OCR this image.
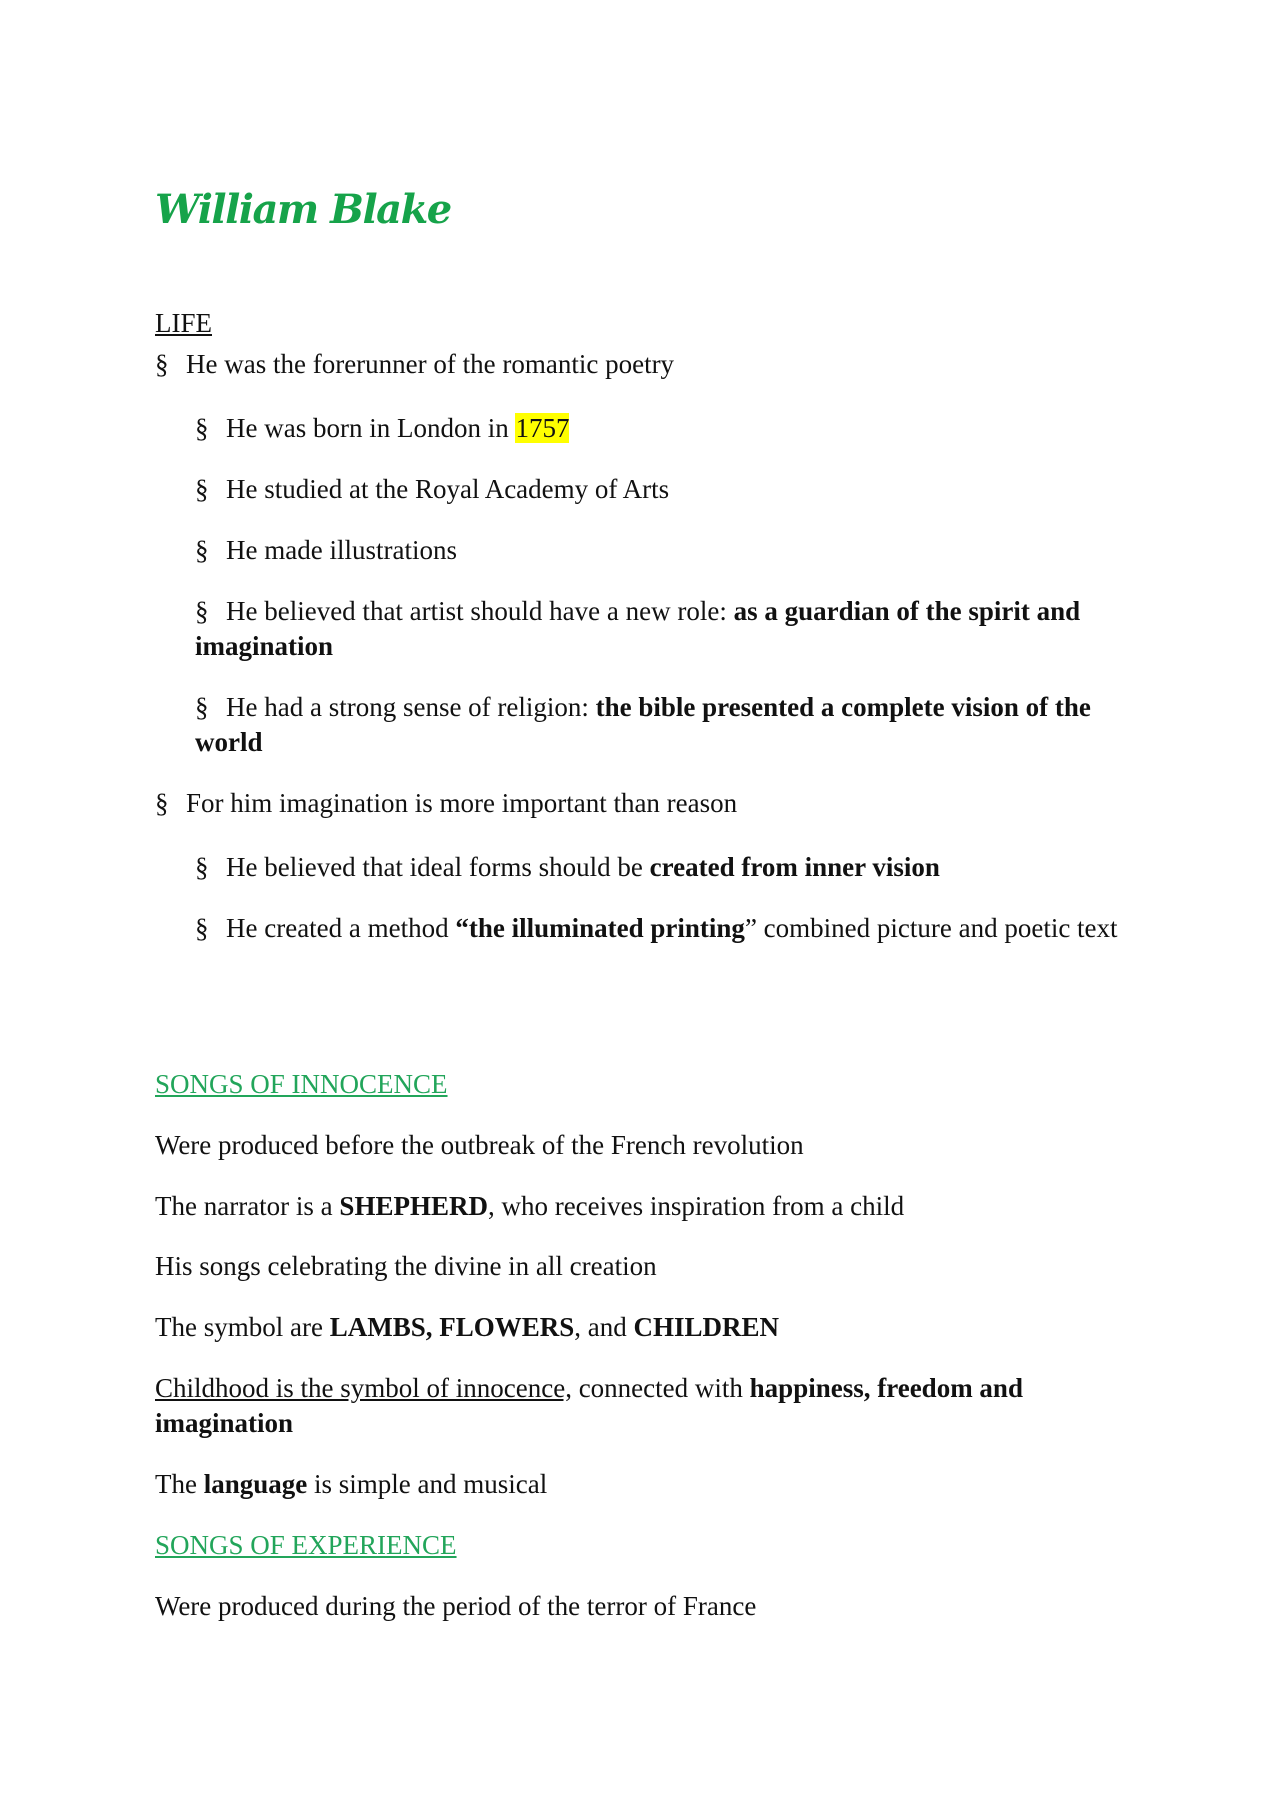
William Blake
LIFE
§ He was the forerunner of the romantic poetry
§ He was born in London in 1757
§ He studied at the Royal Academy of Arts
§ He made illustrations
§ He believed that artist should have a new role: as a guardian of the spirit and imagination
§ He had a strong sense of religion: the bible presented a complete vision of the world
§ For him imagination is more important than reason
§ He believed that ideal forms should be created from inner vision
§ He created a method “the illuminated printing” combined picture and poetic text
SONGS OF INNOCENCE
Were produced before the outbreak of the French revolution
The narrator is a SHEPHERD, who receives inspiration from a child
His songs celebrating the divine in all creation
The symbol are LAMBS, FLOWERS, and CHILDREN
Childhood is the symbol of innocence, connected with happiness, freedom and imagination
The language is simple and musical
SONGS OF EXPERIENCE
Were produced during the period of the terror of France
